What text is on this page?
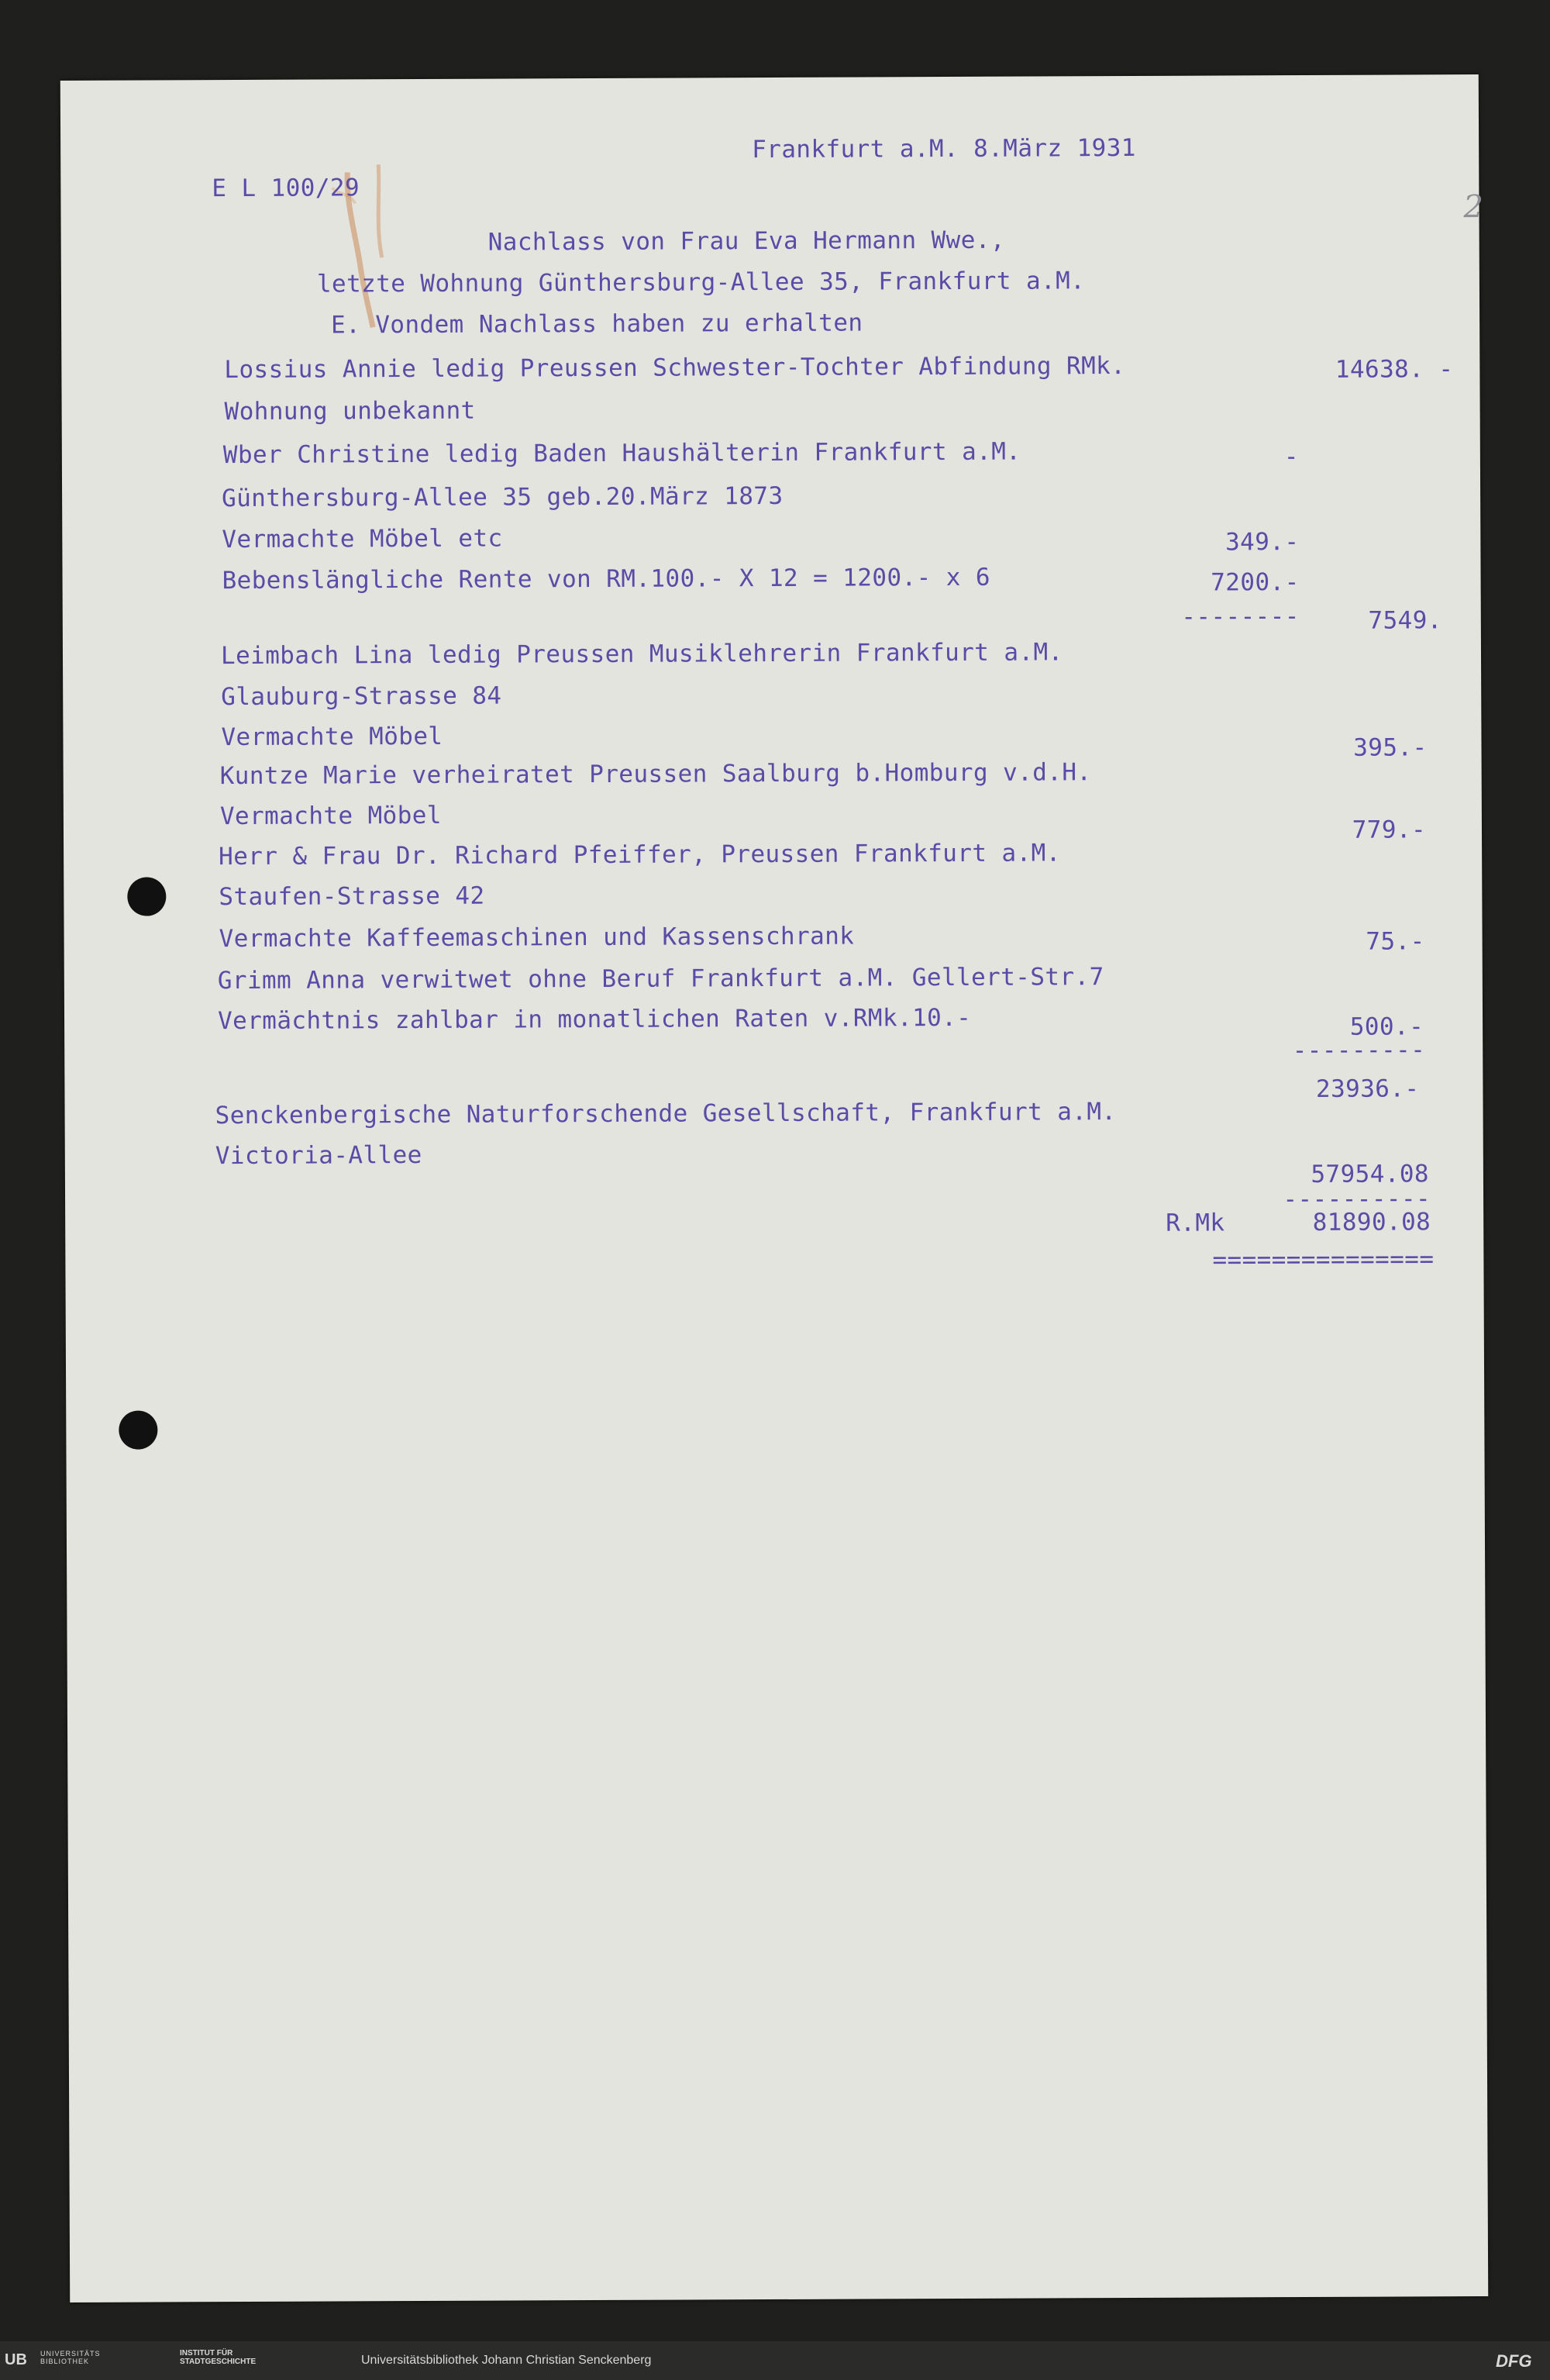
Frankfurt a.M. 8.März 1931
2
E L 100/29
Nachlass von Frau Eva Hermann Wwe.,
letzte Wohnung Günthersburg-Allee 35, Frankfurt a.M.
E. Vondem Nachlass haben zu erhalten
Lossius Annie ledig Preussen Schwester-Tochter Abfindung RMk.	14638. -
Wohnung unbekannt
Wber Christine ledig Baden Haushälterin Frankfurt a.M.	-
Günthersburg-Allee 35 geb.20.März 1873
Vermachte Möbel etc	349.-
Bebenslängliche Rente von RM.100.- X 12 = 1200.- x 6	7200.-
--------	7549.
Leimbach Lina ledig Preussen Musiklehrerin Frankfurt a.M.
Glauburg-Strasse 84
Vermachte Möbel	395.-
Kuntze Marie verheiratet Preussen Saalburg b.Homburg v.d.H.
Vermachte Möbel	779.-
Herr & Frau Dr. Richard Pfeiffer, Preussen Frankfurt a.M.
Staufen-Strasse 42
Vermachte Kaffeemaschinen und Kassenschrank	75.-
Grimm Anna verwitwet ohne Beruf Frankfurt a.M. Gellert-Str.7
Vermächtnis zahlbar in monatlichen Raten v.RMk.10.-	500.-
---------
23936.-
Senckenbergische Naturforschende Gesellschaft, Frankfurt a.M.
Victoria-Allee
57954.08
----------
R.Mk	81890.08
===============
UB UNIVERSITÄTS
BIBLIOTHEK
INSTITUT FÜR
STADTGESCHICHTE	Universitätsbibliothek Johann Christian Senckenberg	DFG
